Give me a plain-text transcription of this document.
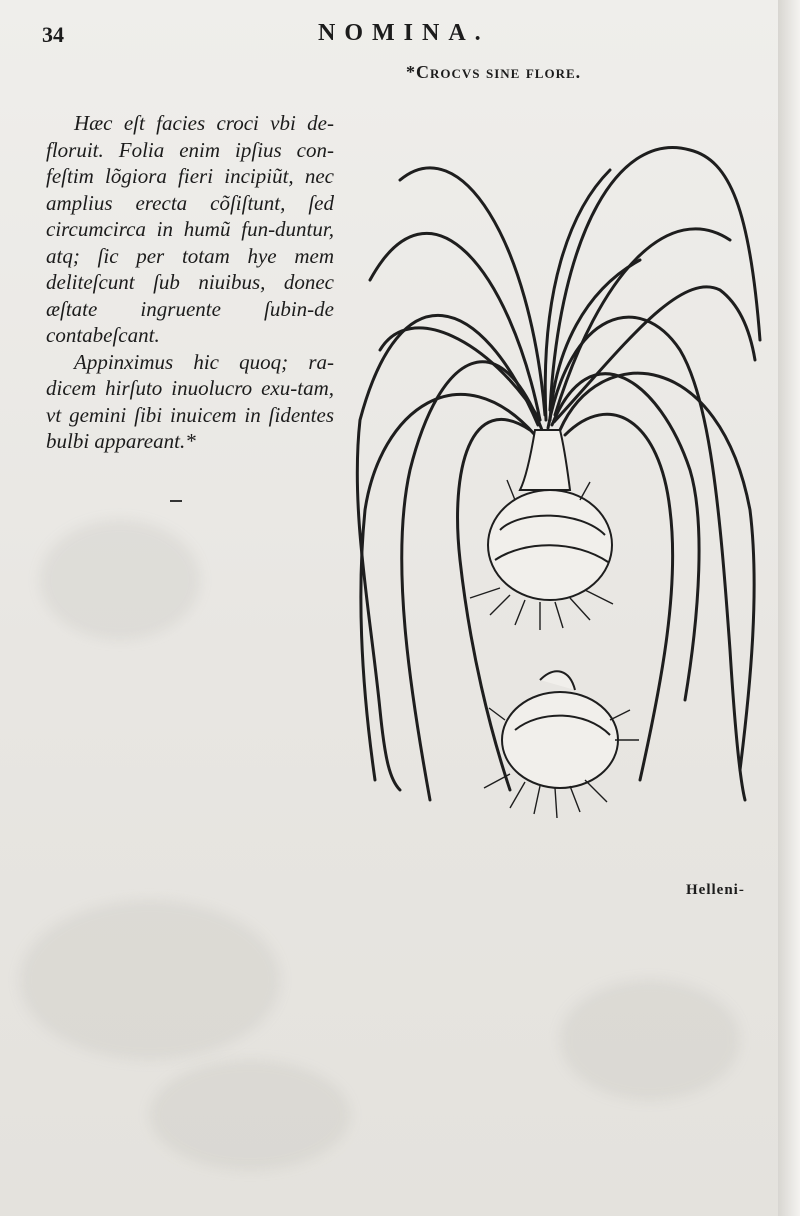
34	NOMINA.
*Crocvs sine flore.

Hæc eſt facies croci vbi de-floruit. Folia enim ipſius con-feſtim lõgiora fieri incipiũt, nec amplius erecta cõſiſtunt, ſed circumcirca in humũ fun-duntur, atq; ſic per totam hye mem deliteſcunt ſub niuibus, donec æſtate ingruente ſubin-de contabeſcant.

Appinximus hic quoq; ra-dicem hirſuto inuolucro exu-tam, vt gemini ſibi inuicem in ſidentes bulbi appareant.*

Helleni-
